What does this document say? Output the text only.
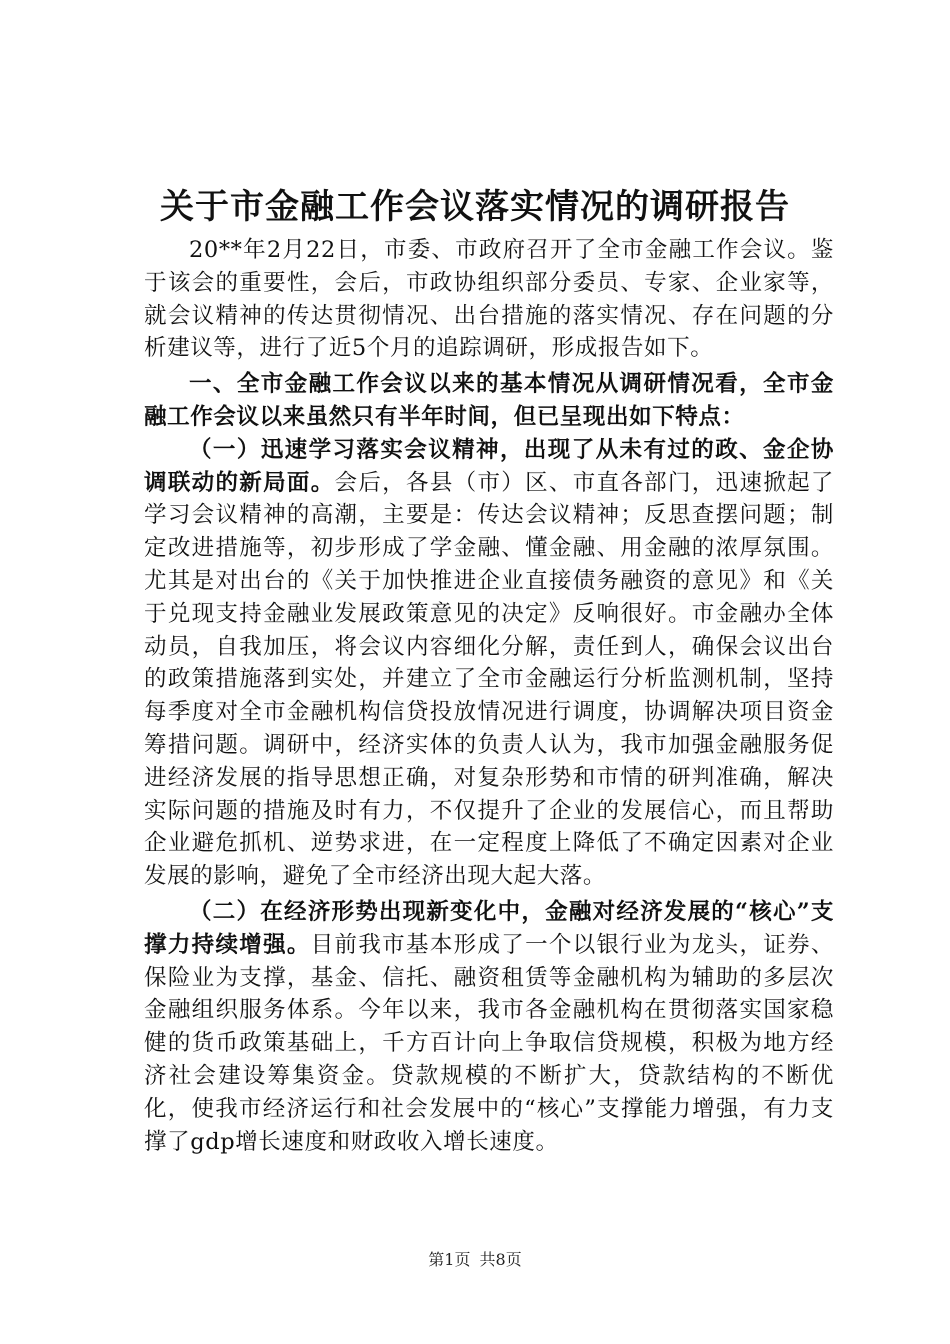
关于市金融工作会议落实情况的调研报告

20**年2月22日，市委、市政府召开了全市金融工作会议。鉴于该会的重要性，会后，市政协组织部分委员、专家、企业家等，就会议精神的传达贯彻情况、出台措施的落实情况、存在问题的分析建议等，进行了近5个月的追踪调研，形成报告如下。

一、全市金融工作会议以来的基本情况从调研情况看，全市金融工作会议以来虽然只有半年时间，但已呈现出如下特点：

（一）迅速学习落实会议精神，出现了从未有过的政、金企协调联动的新局面。会后，各县（市）区、市直各部门，迅速掀起了学习会议精神的高潮，主要是：传达会议精神；反思查摆问题；制定改进措施等，初步形成了学金融、懂金融、用金融的浓厚氛围。尤其是对出台的《关于加快推进企业直接债务融资的意见》和《关于兑现支持金融业发展政策意见的决定》反响很好。市金融办全体动员，自我加压，将会议内容细化分解，责任到人，确保会议出台的政策措施落到实处，并建立了全市金融运行分析监测机制，坚持每季度对全市金融机构信贷投放情况进行调度，协调解决项目资金筹措问题。调研中，经济实体的负责人认为，我市加强金融服务促进经济发展的指导思想正确，对复杂形势和市情的研判准确，解决实际问题的措施及时有力，不仅提升了企业的发展信心，而且帮助企业避危抓机、逆势求进，在一定程度上降低了不确定因素对企业发展的影响，避免了全市经济出现大起大落。

（二）在经济形势出现新变化中，金融对经济发展的“核心”支撑力持续增强。目前我市基本形成了一个以银行业为龙头，证券、保险业为支撑，基金、信托、融资租赁等金融机构为辅助的多层次金融组织服务体系。今年以来，我市各金融机构在贯彻落实国家稳健的货币政策基础上，千方百计向上争取信贷规模，积极为地方经济社会建设筹集资金。贷款规模的不断扩大，贷款结构的不断优化，使我市经济运行和社会发展中的“核心”支撑能力增强，有力支撑了gdp增长速度和财政收入增长速度。

第1页 共8页
